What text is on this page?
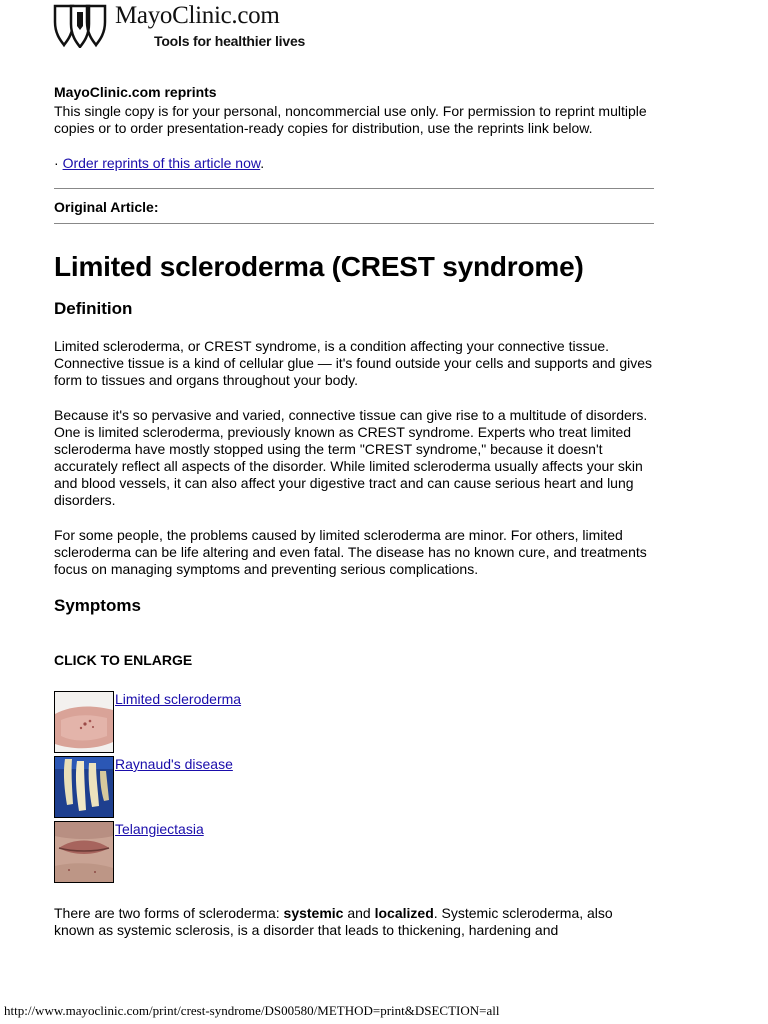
MayoClinic.com
Tools for healthier lives
MayoClinic.com reprints

This single copy is for your personal, noncommercial use only. For permission to reprint multiple copies or to order presentation-ready copies for distribution, use the reprints link below.

· Order reprints of this article now.
Original Article:
Limited scleroderma (CREST syndrome)
Definition

Limited scleroderma, or CREST syndrome, is a condition affecting your connective tissue. Connective tissue is a kind of cellular glue — it's found outside your cells and supports and gives form to tissues and organs throughout your body.

Because it's so pervasive and varied, connective tissue can give rise to a multitude of disorders. One is limited scleroderma, previously known as CREST syndrome. Experts who treat limited scleroderma have mostly stopped using the term "CREST syndrome," because it doesn't accurately reflect all aspects of the disorder. While limited scleroderma usually affects your skin and blood vessels, it can also affect your digestive tract and can cause serious heart and lung disorders.

For some people, the problems caused by limited scleroderma are minor. For others, limited scleroderma can be life altering and even fatal. The disease has no known cure, and treatments focus on managing symptoms and preventing serious complications.

Symptoms
CLICK TO ENLARGE
Limited scleroderma
Raynaud's disease
Telangiectasia

There are two forms of scleroderma: systemic and localized. Systemic scleroderma, also known as systemic sclerosis, is a disorder that leads to thickening, hardening and

http://www.mayoclinic.com/print/crest-syndrome/DS00580/METHOD=print&DSECTION=all
